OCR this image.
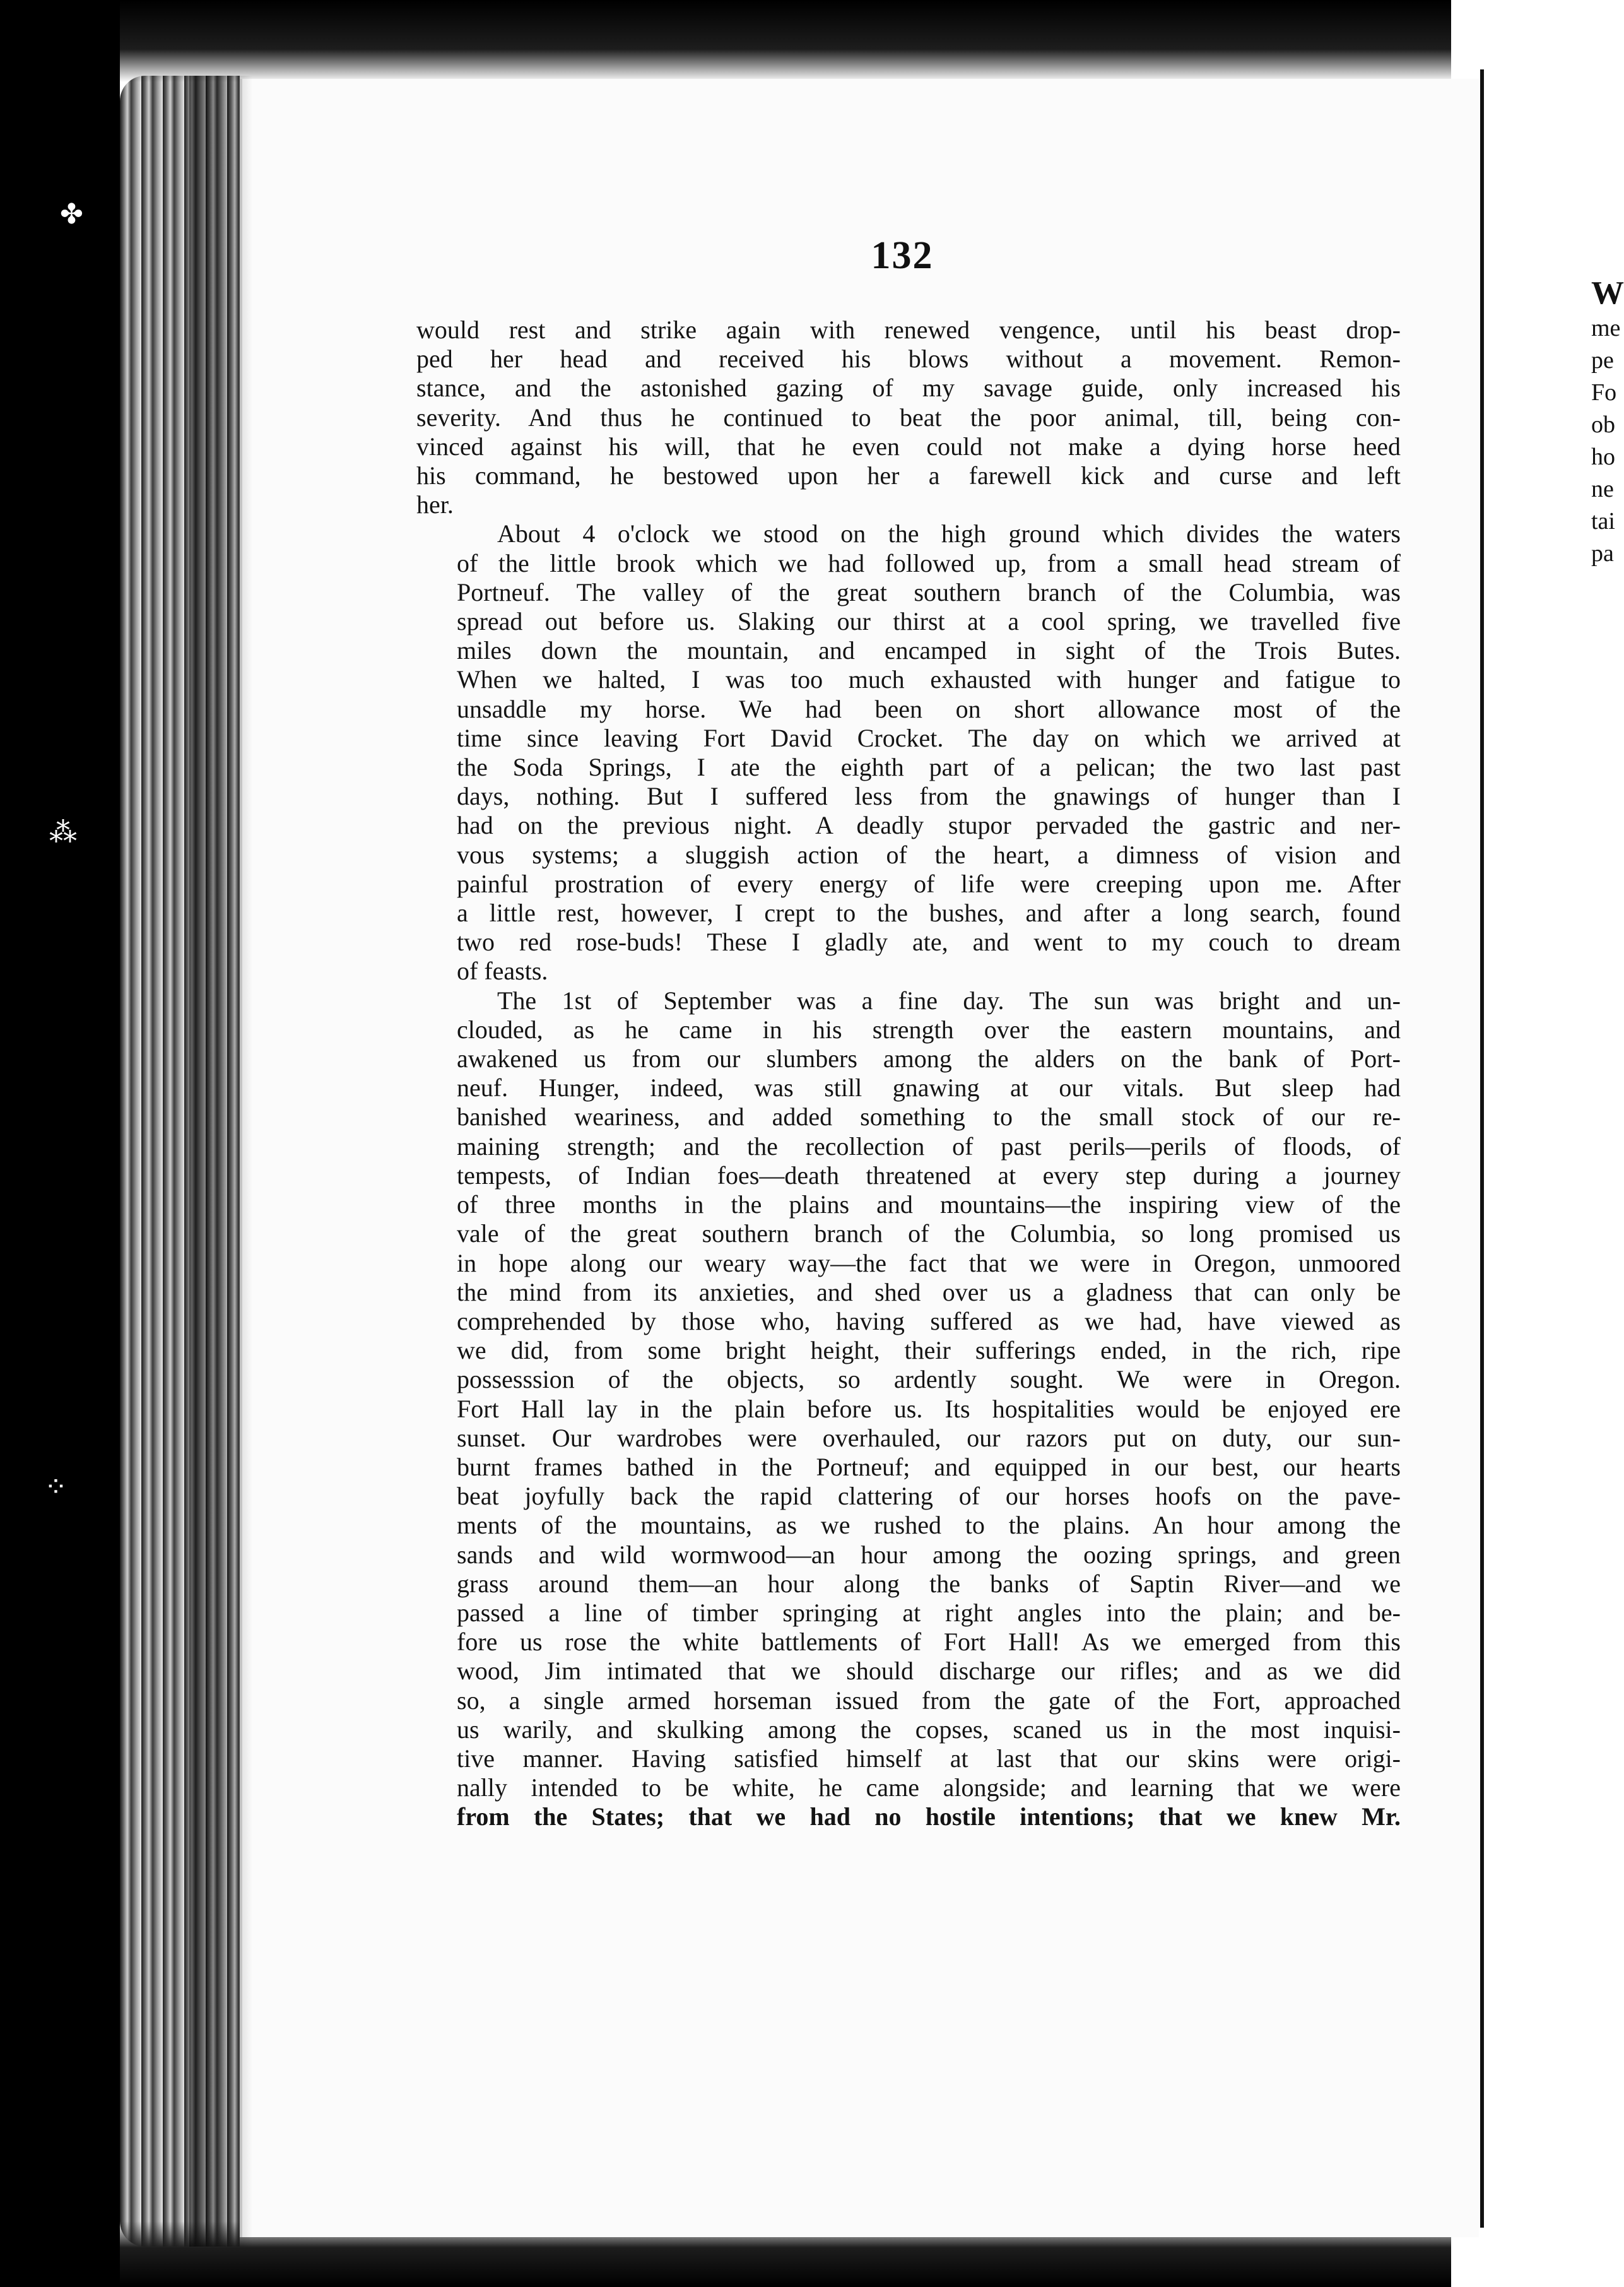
✤
⁂
⁘
132
would rest and strike again with renewed vengence, until his beast drop-
ped her head and received his blows without a movement. Remon-
stance, and the astonished gazing of my savage guide, only increased his
severity. And thus he continued to beat the poor animal, till, being con-
vinced against his will, that he even could not make a dying horse heed
his command, he bestowed upon her a farewell kick and curse and left
her.
About 4 o'clock we stood on the high ground which divides the waters
of the little brook which we had followed up, from a small head stream of
Portneuf. The valley of the great southern branch of the Columbia, was
spread out before us. Slaking our thirst at a cool spring, we travelled five
miles down the mountain, and encamped in sight of the Trois Butes.
When we halted, I was too much exhausted with hunger and fatigue to
unsaddle my horse. We had been on short allowance most of the
time since leaving Fort David Crocket. The day on which we arrived at
the Soda Springs, I ate the eighth part of a pelican; the two last past
days, nothing. But I suffered less from the gnawings of hunger than I
had on the previous night. A deadly stupor pervaded the gastric and ner-
vous systems; a sluggish action of the heart, a dimness of vision and
painful prostration of every energy of life were creeping upon me. After
a little rest, however, I crept to the bushes, and after a long search, found
two red rose-buds! These I gladly ate, and went to my couch to dream
of feasts.
The 1st of September was a fine day. The sun was bright and un-
clouded, as he came in his strength over the eastern mountains, and
awakened us from our slumbers among the alders on the bank of Port-
neuf. Hunger, indeed, was still gnawing at our vitals. But sleep had
banished weariness, and added something to the small stock of our re-
maining strength; and the recollection of past perils—perils of floods, of
tempests, of Indian foes—death threatened at every step during a journey
of three months in the plains and mountains—the inspiring view of the
vale of the great southern branch of the Columbia, so long promised us
in hope along our weary way—the fact that we were in Oregon, unmoored
the mind from its anxieties, and shed over us a gladness that can only be
comprehended by those who, having suffered as we had, have viewed as
we did, from some bright height, their sufferings ended, in the rich, ripe
possesssion of the objects, so ardently sought. We were in Oregon.
Fort Hall lay in the plain before us. Its hospitalities would be enjoyed ere
sunset. Our wardrobes were overhauled, our razors put on duty, our sun-
burnt frames bathed in the Portneuf; and equipped in our best, our hearts
beat joyfully back the rapid clattering of our horses hoofs on the pave-
ments of the mountains, as we rushed to the plains. An hour among the
sands and wild wormwood—an hour among the oozing springs, and green
grass around them—an hour along the banks of Saptin River—and we
passed a line of timber springing at right angles into the plain; and be-
fore us rose the white battlements of Fort Hall! As we emerged from this
wood, Jim intimated that we should discharge our rifles; and as we did
so, a single armed horseman issued from the gate of the Fort, approached
us warily, and skulking among the copses, scaned us in the most inquisi-
tive manner. Having satisfied himself at last that our skins were origi-
nally intended to be white, he came alongside; and learning that we were
from the States; that we had no hostile intentions; that we knew Mr.
W
me
pe
Fo
ob
ho
ne
tai
pa
